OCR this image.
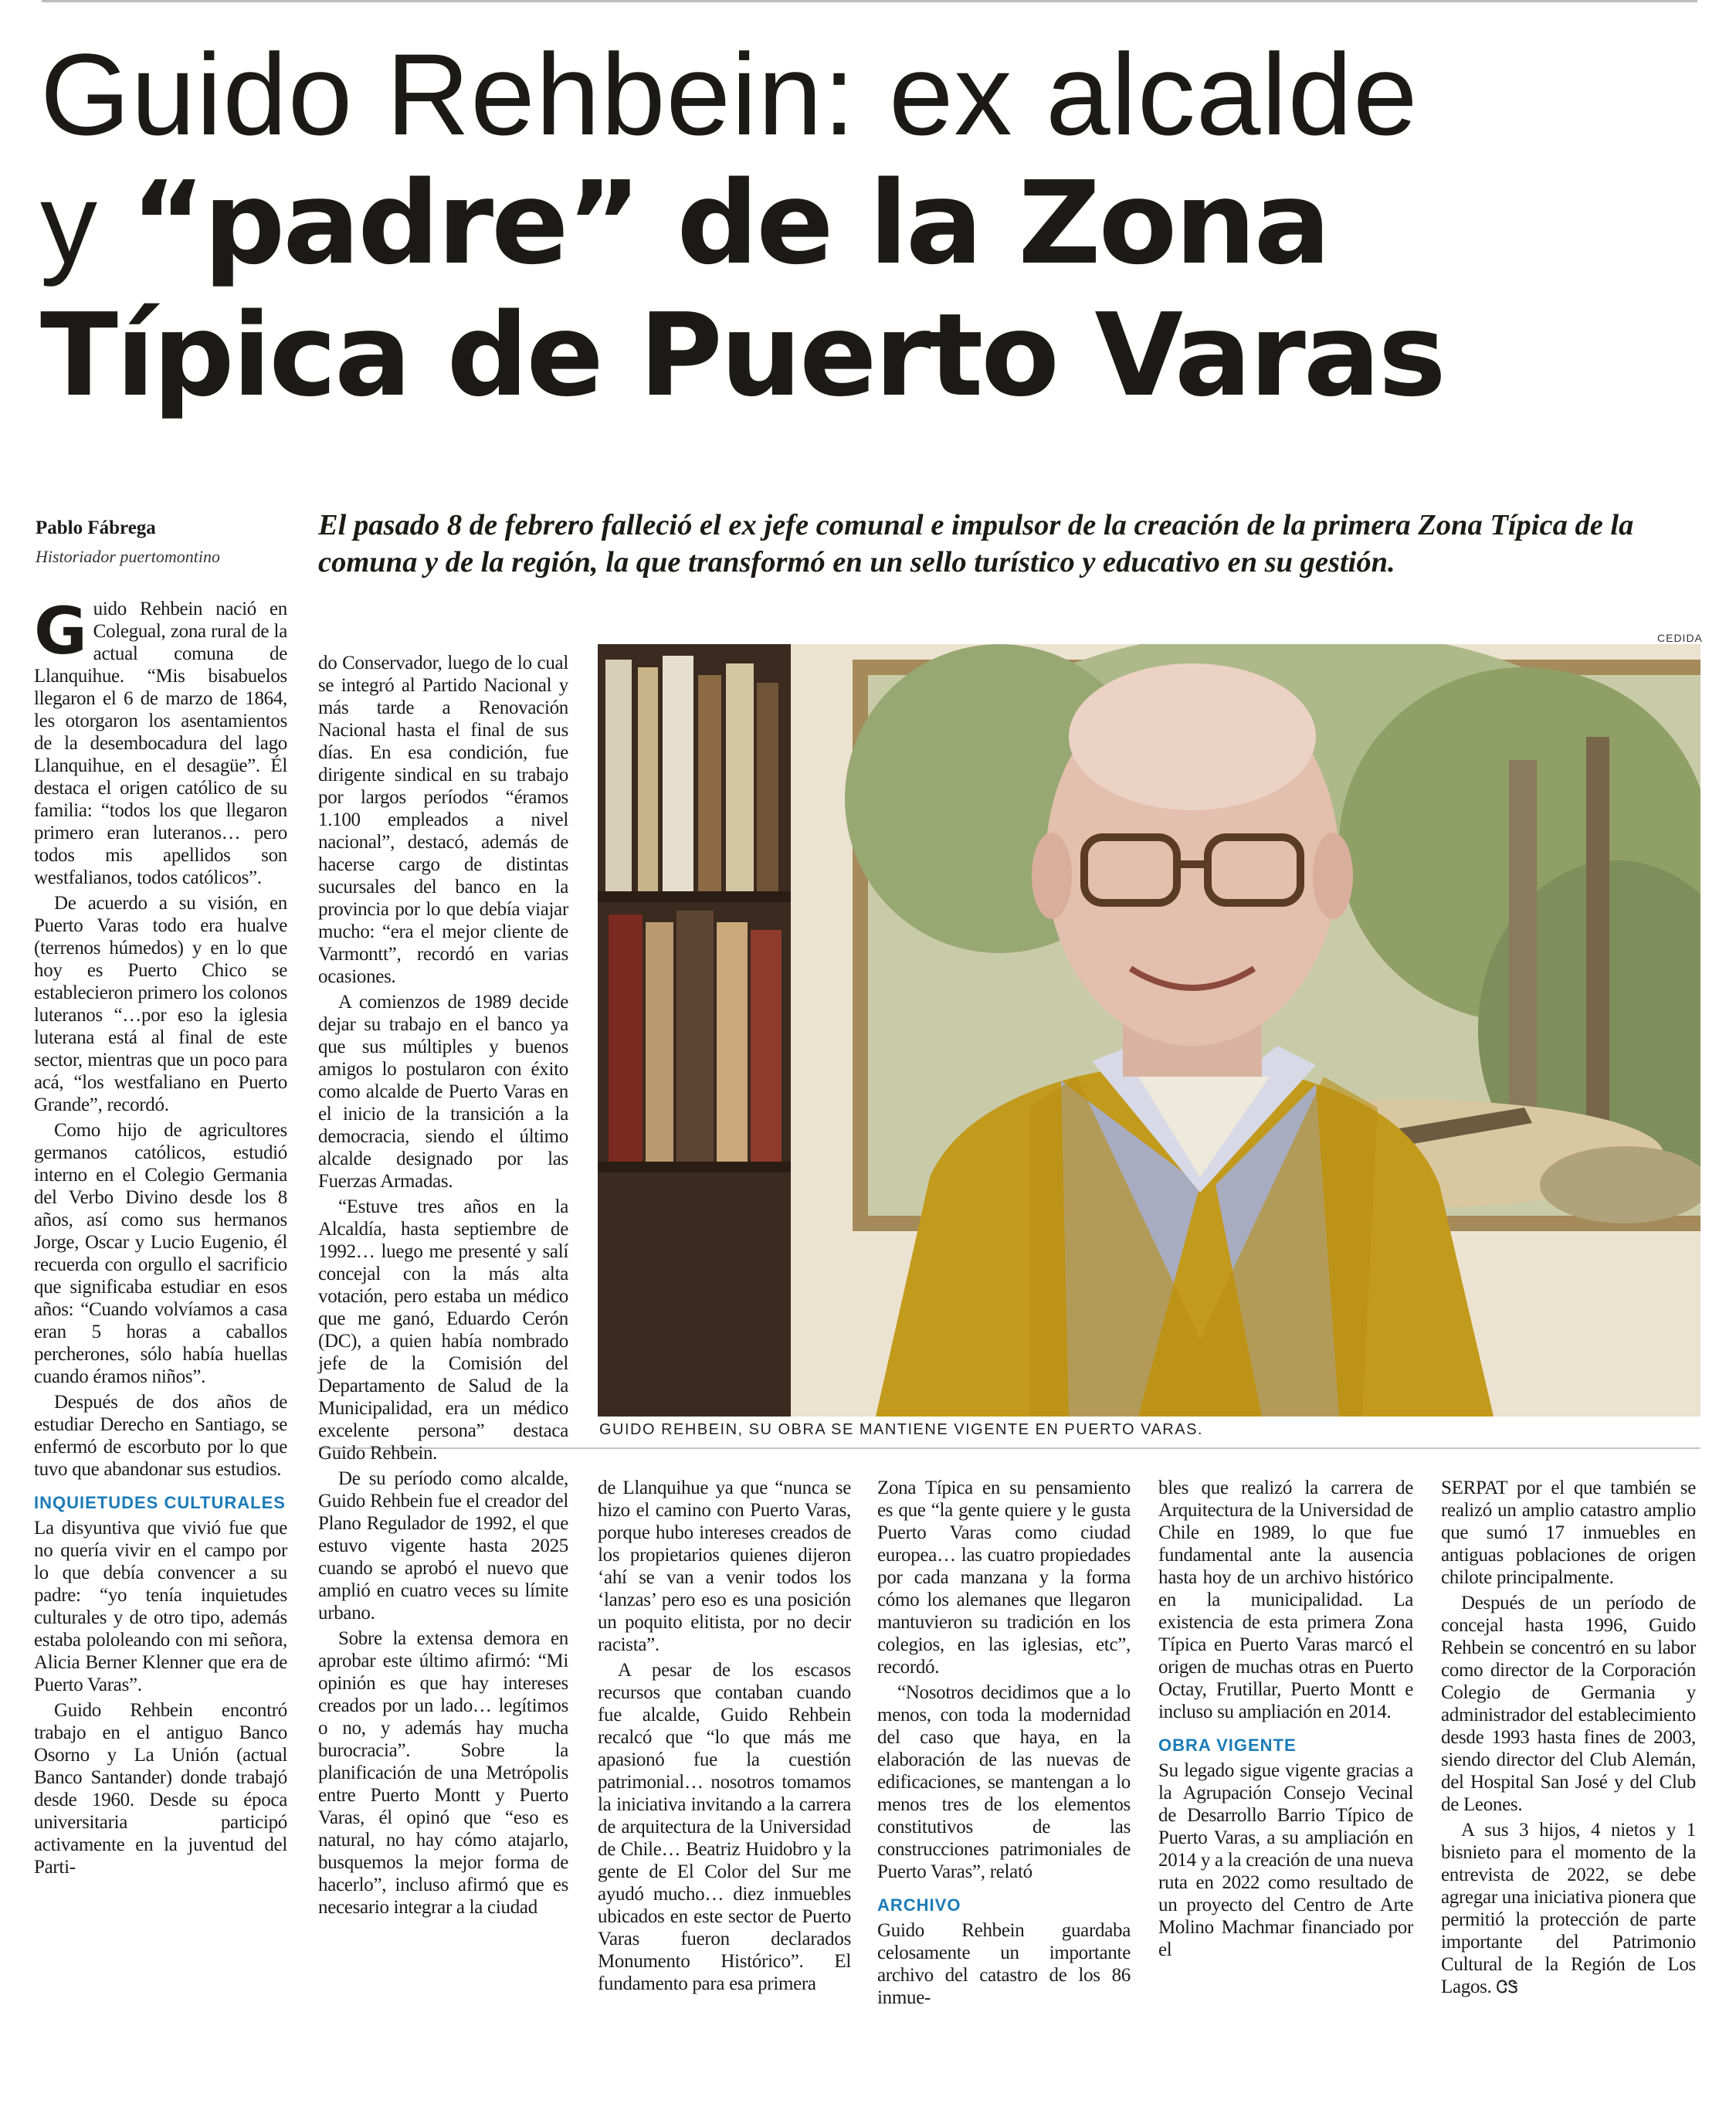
Guido Rehbein: ex alcalde
y “padre” de la Zona
Típica de Puerto Varas
Pablo Fábrega
Historiador puertomontino

El pasado 8 de febrero falleció el ex jefe comunal e impulsor de la creación de la primera Zona Típica de la comuna y de la región, la que transformó en un sello turístico y educativo en su gestión.

CEDIDA
GUIDO REHBEIN, SU OBRA SE MANTIENE VIGENTE EN PUERTO VARAS.

Guido Rehbein nació en Colegual, zona rural de la actual comuna de Llanquihue. “Mis bisabuelos llegaron el 6 de marzo de 1864, les otorgaron los asentamientos de la desembocadura del lago Llanquihue, en el desagüe”. Él destaca el origen católico de su familia: “todos los que llegaron primero eran luteranos… pero todos mis apellidos son westfalianos, todos católicos”.

De acuerdo a su visión, en Puerto Varas todo era hualve (terrenos húmedos) y en lo que hoy es Puerto Chico se establecieron primero los colonos luteranos “…por eso la iglesia luterana está al final de este sector, mientras que un poco para acá, “los westfaliano en Puerto Grande”, recordó.

Como hijo de agricultores germanos católicos, estudió interno en el Colegio Germania del Verbo Divino desde los 8 años, así como sus hermanos Jorge, Oscar y Lucio Eugenio, él recuerda con orgullo el sacrificio que significaba estudiar en esos años: “Cuando volvíamos a casa eran 5 horas a caballos percherones, sólo había huellas cuando éramos niños”.

Después de dos años de estudiar Derecho en Santiago, se enfermó de escorbuto por lo que tuvo que abandonar sus estudios.

INQUIETUDES CULTURALES

La disyuntiva que vivió fue que no quería vivir en el campo por lo que debía convencer a su padre: “yo tenía inquietudes culturales y de otro tipo, además estaba pololeando con mi señora, Alicia Berner Klenner que era de Puerto Varas”.

Guido Rehbein encontró trabajo en el antiguo Banco Osorno y La Unión (actual Banco Santander) donde trabajó desde 1960. Desde su época universitaria participó activamente en la juventud del Parti-

do Conservador, luego de lo cual se integró al Partido Nacional y más tarde a Renovación Nacional hasta el final de sus días. En esa condición, fue dirigente sindical en su trabajo por largos períodos “éramos 1.100 empleados a nivel nacional”, destacó, además de hacerse cargo de distintas sucursales del banco en la provincia por lo que debía viajar mucho: “era el mejor cliente de Varmontt”, recordó en varias ocasiones.

A comienzos de 1989 decide dejar su trabajo en el banco ya que sus múltiples y buenos amigos lo postularon con éxito como alcalde de Puerto Varas en el inicio de la transición a la democracia, siendo el último alcalde designado por las Fuerzas Armadas.

“Estuve tres años en la Alcaldía, hasta septiembre de 1992… luego me presenté y salí concejal con la más alta votación, pero estaba un médico que me ganó, Eduardo Cerón (DC), a quien había nombrado jefe de la Comisión del Departamento de Salud de la Municipalidad, era un médico excelente persona” destaca Guido Rehbein.

De su período como alcalde, Guido Rehbein fue el creador del Plano Regulador de 1992, el que estuvo vigente hasta 2025 cuando se aprobó el nuevo que amplió en cuatro veces su límite urbano.

Sobre la extensa demora en aprobar este último afirmó: “Mi opinión es que hay intereses creados por un lado… legítimos o no, y además hay mucha burocracia”. Sobre la planificación de una Metrópolis entre Puerto Montt y Puerto Varas, él opinó que “eso es natural, no hay cómo atajarlo, busquemos la mejor forma de hacerlo”, incluso afirmó que es necesario integrar a la ciudad

de Llanquihue ya que “nunca se hizo el camino con Puerto Varas, porque hubo intereses creados de los propietarios quienes dijeron ‘ahí se van a venir todos los ‘lanzas’ pero eso es una posición un poquito elitista, por no decir racista”.

A pesar de los escasos recursos que contaban cuando fue alcalde, Guido Rehbein recalcó que “lo que más me apasionó fue la cuestión patrimonial… nosotros tomamos la iniciativa invitando a la carrera de arquitectura de la Universidad de Chile… Beatriz Huidobro y la gente de El Color del Sur me ayudó mucho… diez inmuebles ubicados en este sector de Puerto Varas fueron declarados Monumento Histórico”. El fundamento para esa primera

Zona Típica en su pensamiento es que “la gente quiere y le gusta Puerto Varas como ciudad europea… las cuatro propiedades por cada manzana y la forma cómo los alemanes que llegaron mantuvieron su tradición en los colegios, en las iglesias, etc”, recordó.

“Nosotros decidimos que a lo menos, con toda la modernidad del caso que haya, en la elaboración de las nuevas de edificaciones, se mantengan a lo menos tres de los elementos constitutivos de las construcciones patrimoniales de Puerto Varas”, relató

ARCHIVO

Guido Rehbein guardaba celosamente un importante archivo del catastro de los 86 inmue-

bles que realizó la carrera de Arquitectura de la Universidad de Chile en 1989, lo que fue fundamental ante la ausencia hasta hoy de un archivo histórico en la municipalidad. La existencia de esta primera Zona Típica en Puerto Varas marcó el origen de muchas otras en Puerto Octay, Frutillar, Puerto Montt e incluso su ampliación en 2014.

OBRA VIGENTE

Su legado sigue vigente gracias a la Agrupación Consejo Vecinal de Desarrollo Barrio Típico de Puerto Varas, a su ampliación en 2014 y a la creación de una nueva ruta en 2022 como resultado de un proyecto del Centro de Arte Molino Machmar financiado por el

SERPAT por el que también se realizó un amplio catastro amplio que sumó 17 inmuebles en antiguas poblaciones de origen chilote principalmente.

Después de un período de concejal hasta 1996, Guido Rehbein se concentró en su labor como director de la Corporación Colegio de Germania y administrador del establecimiento desde 1993 hasta fines de 2003, siendo director del Club Alemán, del Hospital San José y del Club de Leones.

A sus 3 hijos, 4 nietos y 1 bisnieto para el momento de la entrevista de 2022, se debe agregar una iniciativa pionera que permitió la protección de parte importante del Patrimonio Cultural de la Región de Los Lagos. ᏣᏕ
